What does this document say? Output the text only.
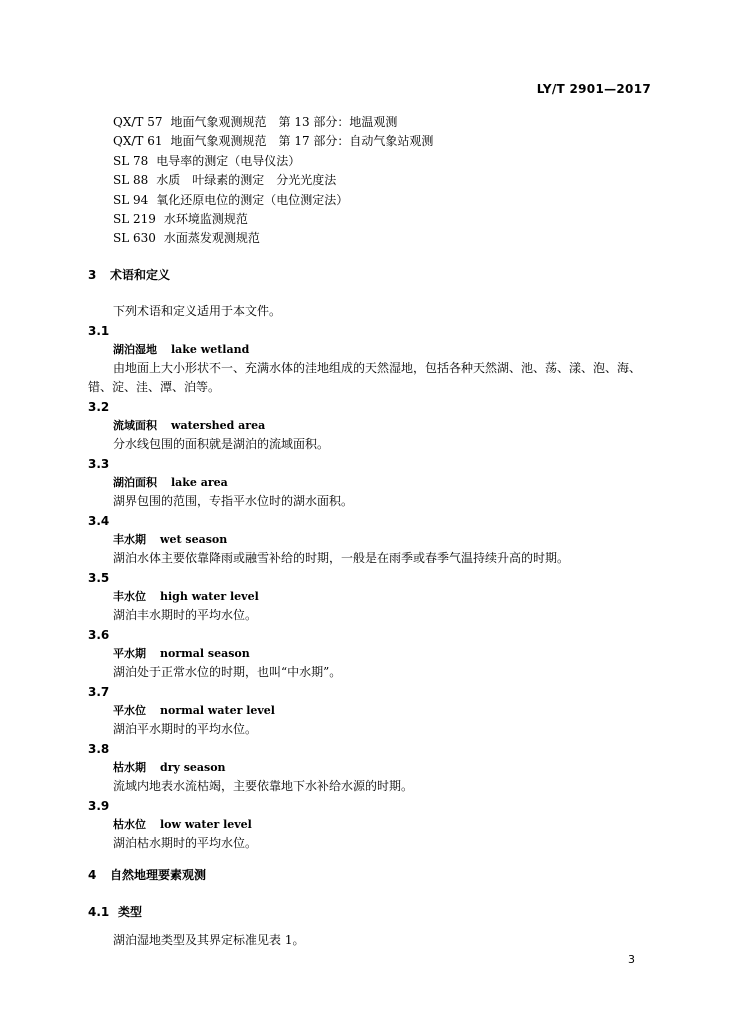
LY/T 2901—2017
QX/T 57 地面气象观测规范　第 13 部分：地温观测
QX/T 61 地面气象观测规范　第 17 部分：自动气象站观测
SL 78 电导率的测定（电导仪法）
SL 88 水质　叶绿素的测定　分光光度法
SL 94 氧化还原电位的测定（电位测定法）
SL 219 水环境监测规范
SL 630 水面蒸发观测规范
3 术语和定义
下列术语和定义适用于本文件。
3.1
湖泊湿地 lake wetland
由地面上大小形状不一、充满水体的洼地组成的天然湿地，包括各种天然湖、池、荡、漾、泡、海、错、淀、洼、潭、泊等。
3.2
流域面积 watershed area
分水线包围的面积就是湖泊的流域面积。
3.3
湖泊面积 lake area
湖界包围的范围，专指平水位时的湖水面积。
3.4
丰水期 wet season
湖泊水体主要依靠降雨或融雪补给的时期，一般是在雨季或春季气温持续升高的时期。
3.5
丰水位 high water level
湖泊丰水期时的平均水位。
3.6
平水期 normal season
湖泊处于正常水位的时期，也叫“中水期”。
3.7
平水位 normal water level
湖泊平水期时的平均水位。
3.8
枯水期 dry season
流域内地表水流枯竭，主要依靠地下水补给水源的时期。
3.9
枯水位 low water level
湖泊枯水期时的平均水位。
4 自然地理要素观测
4.1 类型
湖泊湿地类型及其界定标准见表 1。
3
